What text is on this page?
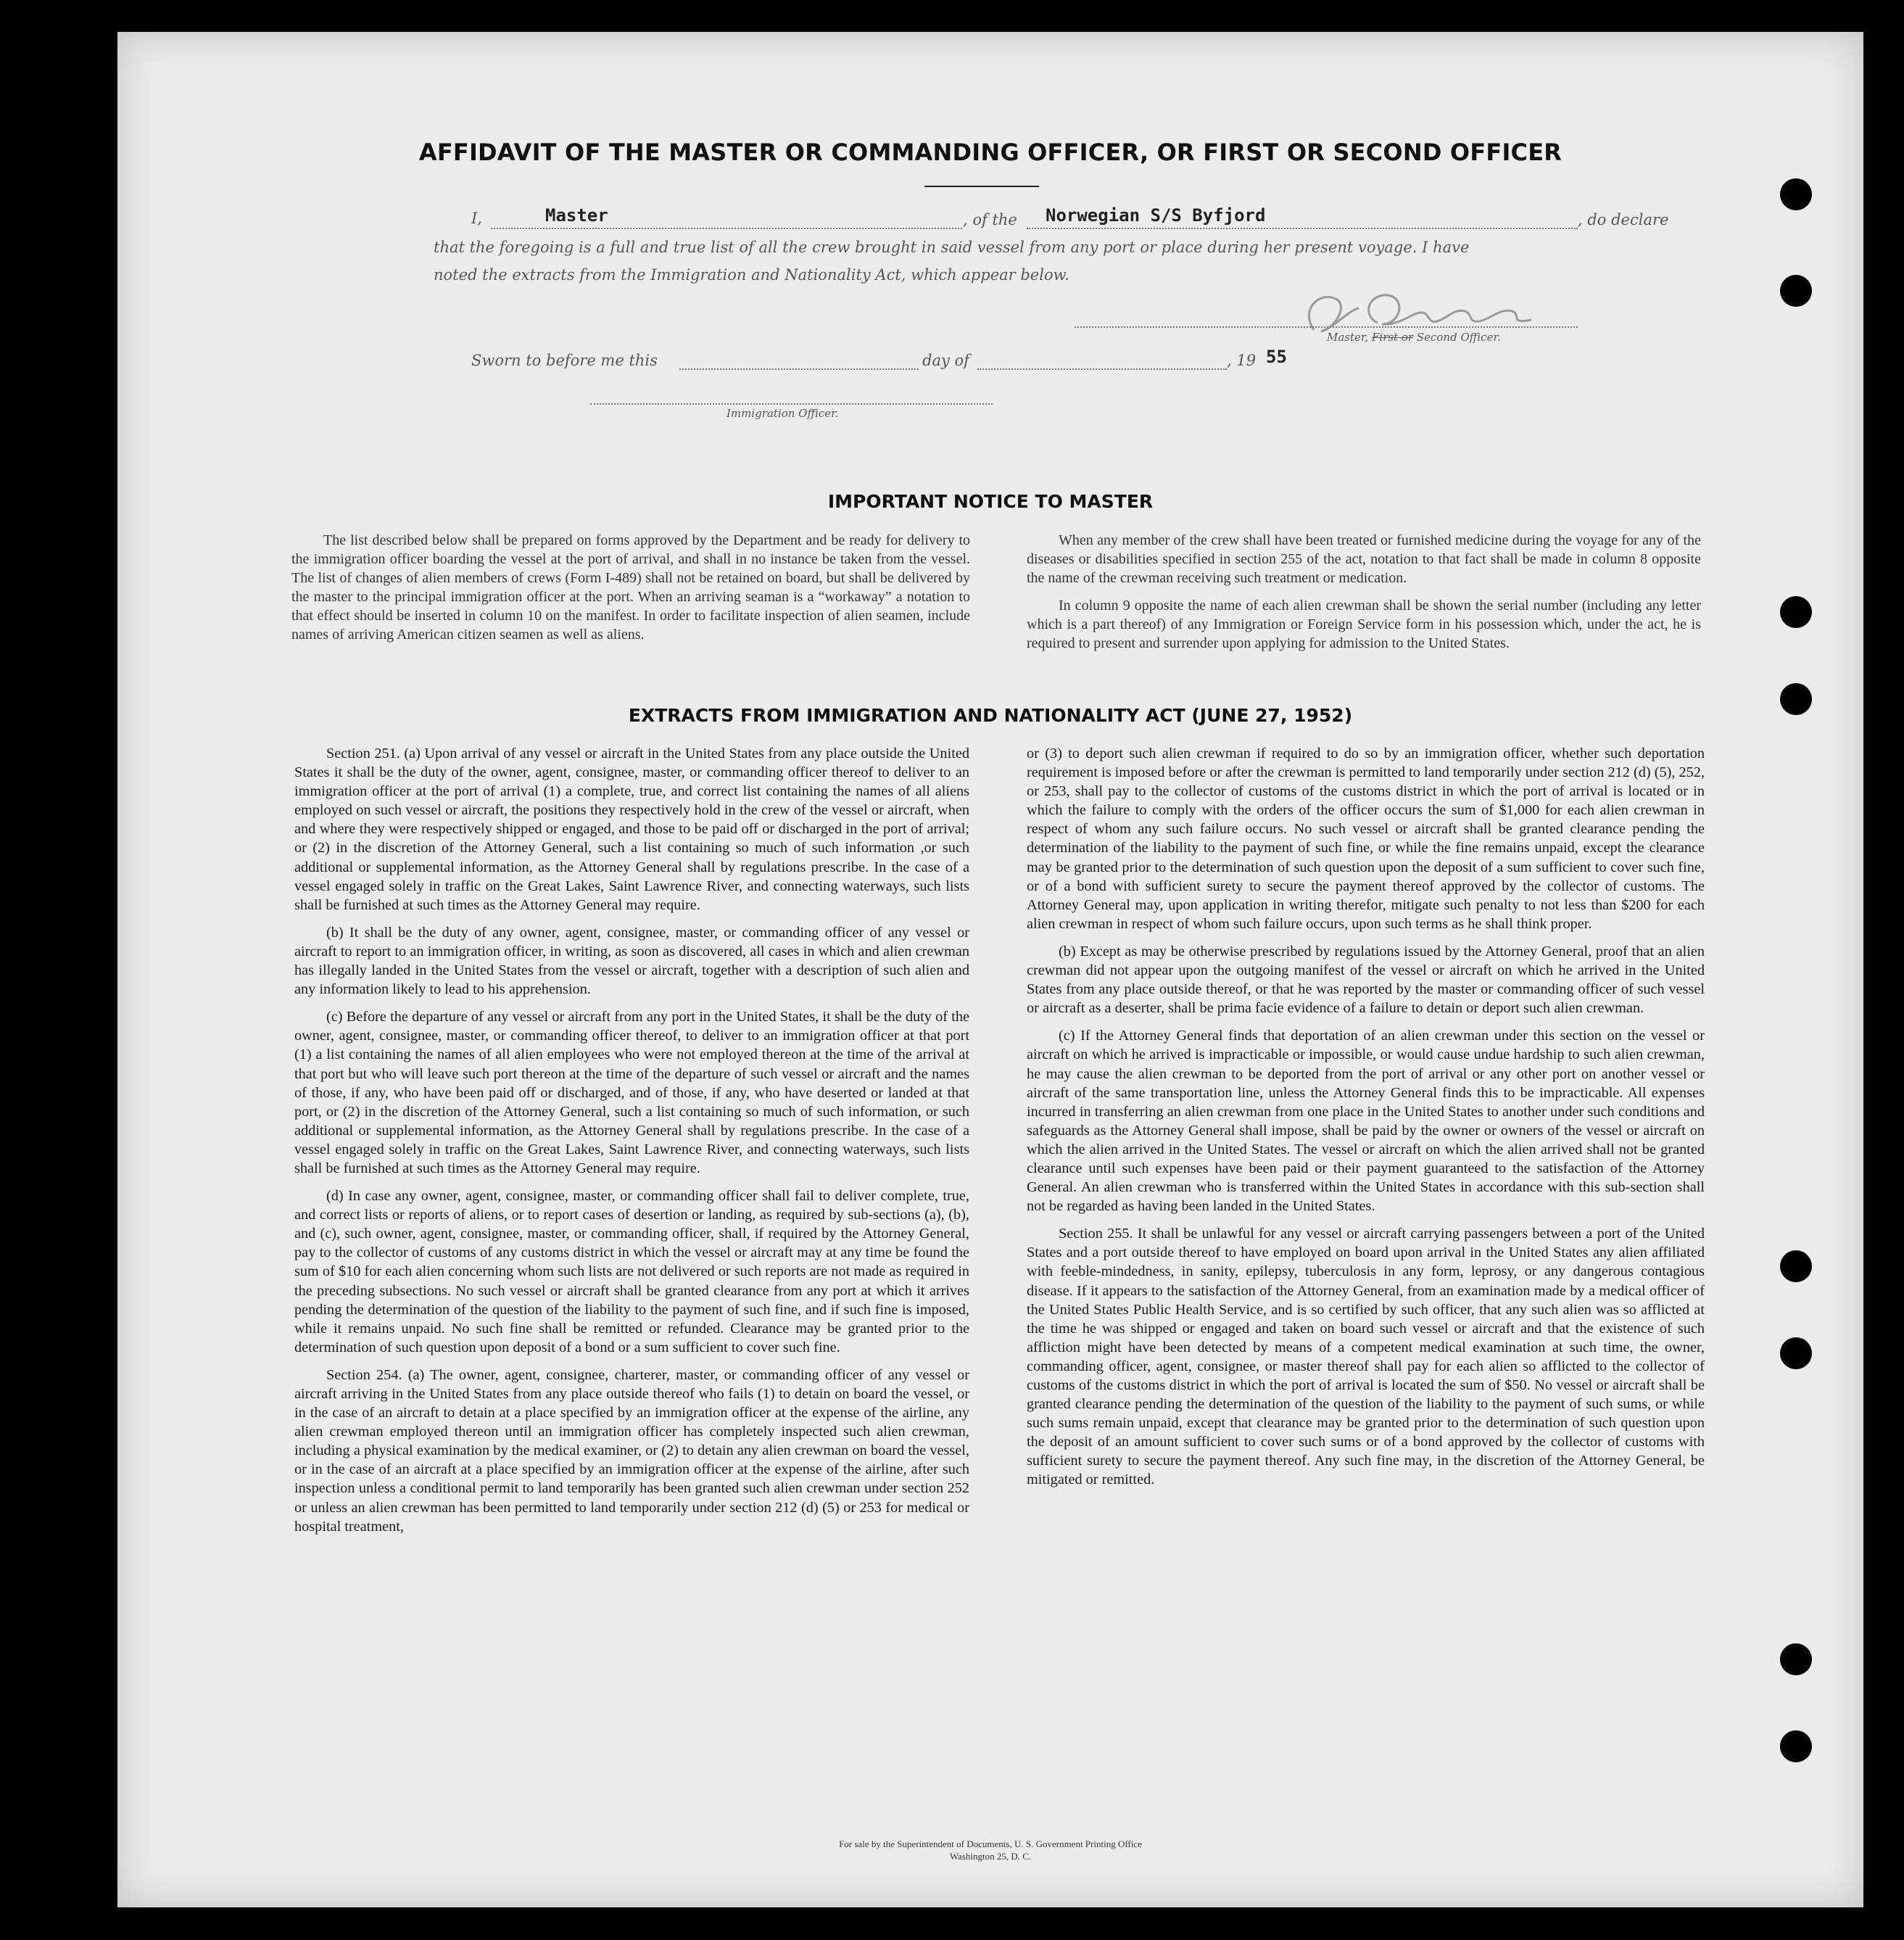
AFFIDAVIT OF THE MASTER OR COMMANDING OFFICER, OR FIRST OR SECOND OFFICER
I,	Master	, of the Norwegian S/S Byfjord	, do declare
that the foregoing is a full and true list of all the crew brought in said vessel from any port or place during her present voyage. I have
noted the extracts from the Immigration and Nationality Act, which appear below.
Master, First or Second Officer.
Sworn to before me this	day of	, 19 55
Immigration Officer.
IMPORTANT NOTICE TO MASTER

The list described below shall be prepared on forms approved by the Department and be ready for delivery to the immigration officer boarding the vessel at the port of arrival, and shall in no instance be taken from the vessel. The list of changes of alien members of crews (Form I-489) shall not be retained on board, but shall be delivered by the master to the principal immigration officer at the port. When an arriving seaman is a “workaway” a notation to that effect should be inserted in column 10 on the manifest. In order to facilitate inspection of alien seamen, include names of arriving American citizen seamen as well as aliens.

When any member of the crew shall have been treated or furnished medicine during the voyage for any of the diseases or disabilities specified in section 255 of the act, notation to that fact shall be made in column 8 opposite the name of the crewman receiving such treatment or medication.

In column 9 opposite the name of each alien crewman shall be shown the serial number (including any letter which is a part thereof) of any Immigration or Foreign Service form in his possession which, under the act, he is required to present and surrender upon applying for admission to the United States.

EXTRACTS FROM IMMIGRATION AND NATIONALITY ACT (JUNE 27, 1952)

Section 251. (a) Upon arrival of any vessel or aircraft in the United States from any place outside the United States it shall be the duty of the owner, agent, consignee, master, or commanding officer thereof to deliver to an immigration officer at the port of arrival (1) a complete, true, and correct list containing the names of all aliens employed on such vessel or aircraft, the positions they respectively hold in the crew of the vessel or aircraft, when and where they were respectively shipped or engaged, and those to be paid off or discharged in the port of arrival; or (2) in the discretion of the Attorney General, such a list containing so much of such information ,or such additional or supplemental information, as the Attorney General shall by regulations prescribe. In the case of a vessel engaged solely in traffic on the Great Lakes, Saint Lawrence River, and connecting waterways, such lists shall be furnished at such times as the Attorney General may require.

(b) It shall be the duty of any owner, agent, consignee, master, or commanding officer of any vessel or aircraft to report to an immigration officer, in writing, as soon as discovered, all cases in which and alien crewman has illegally landed in the United States from the vessel or aircraft, together with a description of such alien and any information likely to lead to his apprehension.

(c) Before the departure of any vessel or aircraft from any port in the United States, it shall be the duty of the owner, agent, consignee, master, or commanding officer thereof, to deliver to an immigration officer at that port (1) a list containing the names of all alien employees who were not employed thereon at the time of the arrival at that port but who will leave such port thereon at the time of the departure of such vessel or aircraft and the names of those, if any, who have been paid off or discharged, and of those, if any, who have deserted or landed at that port, or (2) in the discretion of the Attorney General, such a list containing so much of such information, or such additional or supplemental information, as the Attorney General shall by regulations prescribe. In the case of a vessel engaged solely in traffic on the Great Lakes, Saint Lawrence River, and connecting waterways, such lists shall be furnished at such times as the Attorney General may require.

(d) In case any owner, agent, consignee, master, or commanding officer shall fail to deliver complete, true, and correct lists or reports of aliens, or to report cases of desertion or landing, as required by sub-sections (a), (b), and (c), such owner, agent, consignee, master, or commanding officer, shall, if required by the Attorney General, pay to the collector of customs of any customs district in which the vessel or aircraft may at any time be found the sum of $10 for each alien concerning whom such lists are not delivered or such reports are not made as required in the preceding subsections. No such vessel or aircraft shall be granted clearance from any port at which it arrives pending the determination of the question of the liability to the payment of such fine, and if such fine is imposed, while it remains unpaid. No such fine shall be remitted or refunded. Clearance may be granted prior to the determination of such question upon deposit of a bond or a sum sufficient to cover such fine.

Section 254. (a) The owner, agent, consignee, charterer, master, or commanding officer of any vessel or aircraft arriving in the United States from any place outside thereof who fails (1) to detain on board the vessel, or in the case of an aircraft to detain at a place specified by an immigration officer at the expense of the airline, any alien crewman employed thereon until an immigration officer has completely inspected such alien crewman, including a physical examination by the medical examiner, or (2) to detain any alien crewman on board the vessel, or in the case of an aircraft at a place specified by an immigration officer at the expense of the airline, after such inspection unless a conditional permit to land temporarily has been granted such alien crewman under section 252 or unless an alien crewman has been permitted to land temporarily under section 212 (d) (5) or 253 for medical or hospital treatment,

or (3) to deport such alien crewman if required to do so by an immigration officer, whether such deportation requirement is imposed before or after the crewman is permitted to land temporarily under section 212 (d) (5), 252, or 253, shall pay to the collector of customs of the customs district in which the port of arrival is located or in which the failure to comply with the orders of the officer occurs the sum of $1,000 for each alien crewman in respect of whom any such failure occurs. No such vessel or aircraft shall be granted clearance pending the determination of the liability to the payment of such fine, or while the fine remains unpaid, except the clearance may be granted prior to the determination of such question upon the deposit of a sum sufficient to cover such fine, or of a bond with sufficient surety to secure the payment thereof approved by the collector of customs. The Attorney General may, upon application in writing therefor, mitigate such penalty to not less than $200 for each alien crewman in respect of whom such failure occurs, upon such terms as he shall think proper.

(b) Except as may be otherwise prescribed by regulations issued by the Attorney General, proof that an alien crewman did not appear upon the outgoing manifest of the vessel or aircraft on which he arrived in the United States from any place outside thereof, or that he was reported by the master or commanding officer of such vessel or aircraft as a deserter, shall be prima facie evidence of a failure to detain or deport such alien crewman.

(c) If the Attorney General finds that deportation of an alien crewman under this section on the vessel or aircraft on which he arrived is impracticable or impossible, or would cause undue hardship to such alien crewman, he may cause the alien crewman to be deported from the port of arrival or any other port on another vessel or aircraft of the same transportation line, unless the Attorney General finds this to be impracticable. All expenses incurred in transferring an alien crewman from one place in the United States to another under such conditions and safeguards as the Attorney General shall impose, shall be paid by the owner or owners of the vessel or aircraft on which the alien arrived in the United States. The vessel or aircraft on which the alien arrived shall not be granted clearance until such expenses have been paid or their payment guaranteed to the satisfaction of the Attorney General. An alien crewman who is transferred within the United States in accordance with this sub-section shall not be regarded as having been landed in the United States.

Section 255. It shall be unlawful for any vessel or aircraft carrying passengers between a port of the United States and a port outside thereof to have employed on board upon arrival in the United States any alien affiliated with feeble-mindedness, in sanity, epilepsy, tuberculosis in any form, leprosy, or any dangerous contagious disease. If it appears to the satisfaction of the Attorney General, from an examination made by a medical officer of the United States Public Health Service, and is so certified by such officer, that any such alien was so afflicted at the time he was shipped or engaged and taken on board such vessel or aircraft and that the existence of such affliction might have been detected by means of a competent medical examination at such time, the owner, commanding officer, agent, consignee, or master thereof shall pay for each alien so afflicted to the collector of customs of the customs district in which the port of arrival is located the sum of $50. No vessel or aircraft shall be granted clearance pending the determination of the question of the liability to the payment of such sums, or while such sums remain unpaid, except that clearance may be granted prior to the determination of such question upon the deposit of an amount sufficient to cover such sums or of a bond approved by the collector of customs with sufficient surety to secure the payment thereof. Any such fine may, in the discretion of the Attorney General, be mitigated or remitted.

For sale by the Superintendent of Documents, U. S. Government Printing Office
Washington 25, D. C.
